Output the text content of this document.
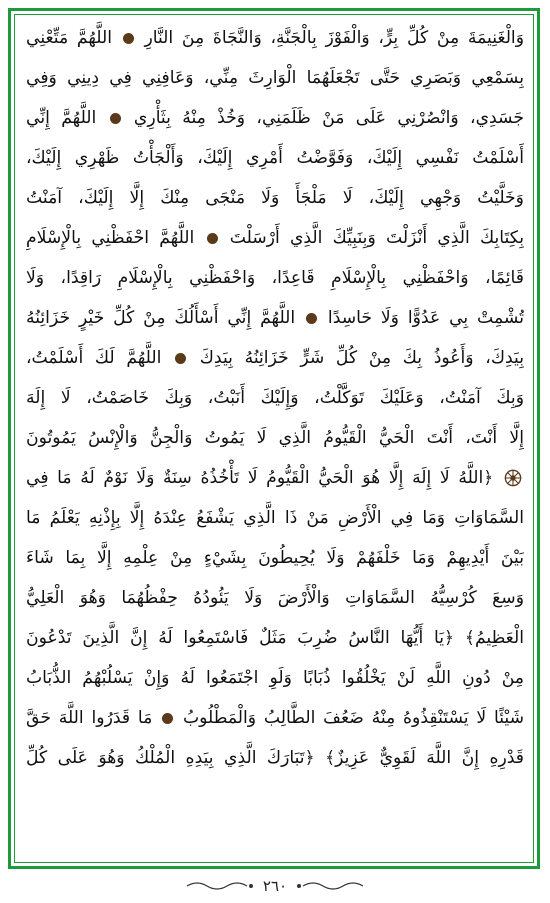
وَالْغَنِيمَةَ مِنْ كُلِّ بِرٍّ، وَالْفَوْزَ بِالْجَنَّةِ، وَالنَّجَاةَ مِنَ النَّارِ  اللَّهُمَّ مَتِّعْنِي
بِسَمْعِي وَبَصَرِي حَتَّى تَجْعَلَهُمَا الْوَارِثَ مِنِّي، وَعَافِنِي فِي دِينِي وَفِي
جَسَدِي، وَانْصُرْنِي عَلَى مَنْ ظَلَمَنِي، وَخُذْ مِنْهُ بِثَأْرِي  اللَّهُمَّ إِنِّي
أَسْلَمْتُ نَفْسِي إِلَيْكَ، وَفَوَّضْتُ أَمْرِي إِلَيْكَ، وَأَلْجَأْتُ ظَهْرِي إِلَيْكَ،
وَخَلَّيْتُ وَجْهِي إِلَيْكَ، لَا مَلْجَأَ وَلَا مَنْجَى مِنْكَ إِلَّا إِلَيْكَ، آمَنْتُ
بِكِتَابِكَ الَّذِي أَنْزَلْتَ وَبِنَبِيِّكَ الَّذِي أَرْسَلْتَ  اللَّهُمَّ احْفَظْنِي بِالْإِسْلَامِ
قَائِمًا، وَاحْفَظْنِي بِالْإِسْلَامِ قَاعِدًا، وَاحْفَظْنِي بِالْإِسْلَامِ رَاقِدًا، وَلَا
تُشْمِتْ بِي عَدُوًّا وَلَا حَاسِدًا  اللَّهُمَّ إِنِّي أَسْأَلُكَ مِنْ كُلِّ خَيْرٍ خَزَائِنُهُ
بِيَدِكَ، وَأَعُوذُ بِكَ مِنْ كُلِّ شَرٍّ خَزَائِنُهُ بِيَدِكَ  اللَّهُمَّ لَكَ أَسْلَمْتُ،
وَبِكَ آمَنْتُ، وَعَلَيْكَ تَوَكَّلْتُ، وَإِلَيْكَ أَنَبْتُ، وَبِكَ خَاصَمْتُ، لَا إِلَهَ
إِلَّا أَنْتَ، أَنْتَ الْحَيُّ الْقَيُّومُ الَّذِي لَا يَمُوتُ وَالْجِنُّ وَالْإِنْسُ يَمُوتُونَ
﴿اللَّهُ لَا إِلَهَ إِلَّا هُوَ الْحَيُّ الْقَيُّومُ لَا تَأْخُذُهُ سِنَةٌ وَلَا نَوْمٌ لَهُ مَا فِي
السَّمَاوَاتِ وَمَا فِي الْأَرْضِ مَنْ ذَا الَّذِي يَشْفَعُ عِنْدَهُ إِلَّا بِإِذْنِهِ يَعْلَمُ مَا
بَيْنَ أَيْدِيهِمْ وَمَا خَلْفَهُمْ وَلَا يُحِيطُونَ بِشَيْءٍ مِنْ عِلْمِهِ إِلَّا بِمَا شَاءَ
وَسِعَ كُرْسِيُّهُ السَّمَاوَاتِ وَالْأَرْضَ وَلَا يَئُودُهُ حِفْظُهُمَا وَهُوَ الْعَلِيُّ
الْعَظِيمُ﴾ ﴿يَا أَيُّهَا النَّاسُ ضُرِبَ مَثَلٌ فَاسْتَمِعُوا لَهُ إِنَّ الَّذِينَ تَدْعُونَ
مِنْ دُونِ اللَّهِ لَنْ يَخْلُقُوا ذُبَابًا وَلَوِ اجْتَمَعُوا لَهُ وَإِنْ يَسْلُبْهُمُ الذُّبَابُ
شَيْئًا لَا يَسْتَنْقِذُوهُ مِنْهُ ضَعُفَ الطَّالِبُ وَالْمَطْلُوبُ  مَا قَدَرُوا اللَّهَ حَقَّ
قَدْرِهِ إِنَّ اللَّهَ لَقَوِيٌّ عَزِيزٌ﴾ ﴿تَبَارَكَ الَّذِي بِيَدِهِ الْمُلْكُ وَهُوَ عَلَى كُلِّ
٢٦٠
